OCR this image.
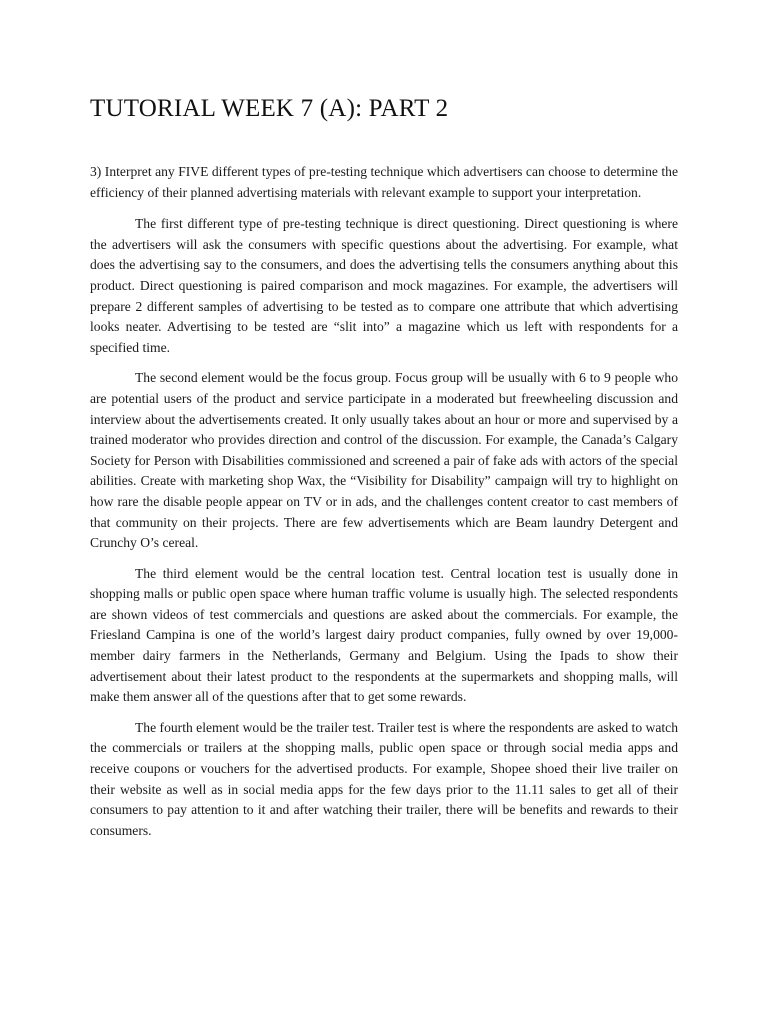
TUTORIAL WEEK 7 (A): PART 2

3) Interpret any FIVE different types of pre-testing technique which advertisers can choose to determine the efficiency of their planned advertising materials with relevant example to support your interpretation.

The first different type of pre-testing technique is direct questioning. Direct questioning is where the advertisers will ask the consumers with specific questions about the advertising. For example, what does the advertising say to the consumers, and does the advertising tells the consumers anything about this product. Direct questioning is paired comparison and mock magazines. For example, the advertisers will prepare 2 different samples of advertising to be tested as to compare one attribute that which advertising looks neater. Advertising to be tested are “slit into” a magazine which us left with respondents for a specified time.

The second element would be the focus group. Focus group will be usually with 6 to 9 people who are potential users of the product and service participate in a moderated but freewheeling discussion and interview about the advertisements created. It only usually takes about an hour or more and supervised by a trained moderator who provides direction and control of the discussion. For example, the Canada’s Calgary Society for Person with Disabilities commissioned and screened a pair of fake ads with actors of the special abilities. Create with marketing shop Wax, the “Visibility for Disability” campaign will try to highlight on how rare the disable people appear on TV or in ads, and the challenges content creator to cast members of that community on their projects. There are few advertisements which are Beam laundry Detergent and Crunchy O’s cereal.

The third element would be the central location test. Central location test is usually done in shopping malls or public open space where human traffic volume is usually high. The selected respondents are shown videos of test commercials and questions are asked about the commercials. For example, the Friesland Campina is one of the world’s largest dairy product companies, fully owned by over 19,000-member dairy farmers in the Netherlands, Germany and Belgium. Using the Ipads to show their advertisement about their latest product to the respondents at the supermarkets and shopping malls, will make them answer all of the questions after that to get some rewards.

The fourth element would be the trailer test. Trailer test is where the respondents are asked to watch the commercials or trailers at the shopping malls, public open space or through social media apps and receive coupons or vouchers for the advertised products. For example, Shopee shoed their live trailer on their website as well as in social media apps for the few days prior to the 11.11 sales to get all of their consumers to pay attention to it and after watching their trailer, there will be benefits and rewards to their consumers.
